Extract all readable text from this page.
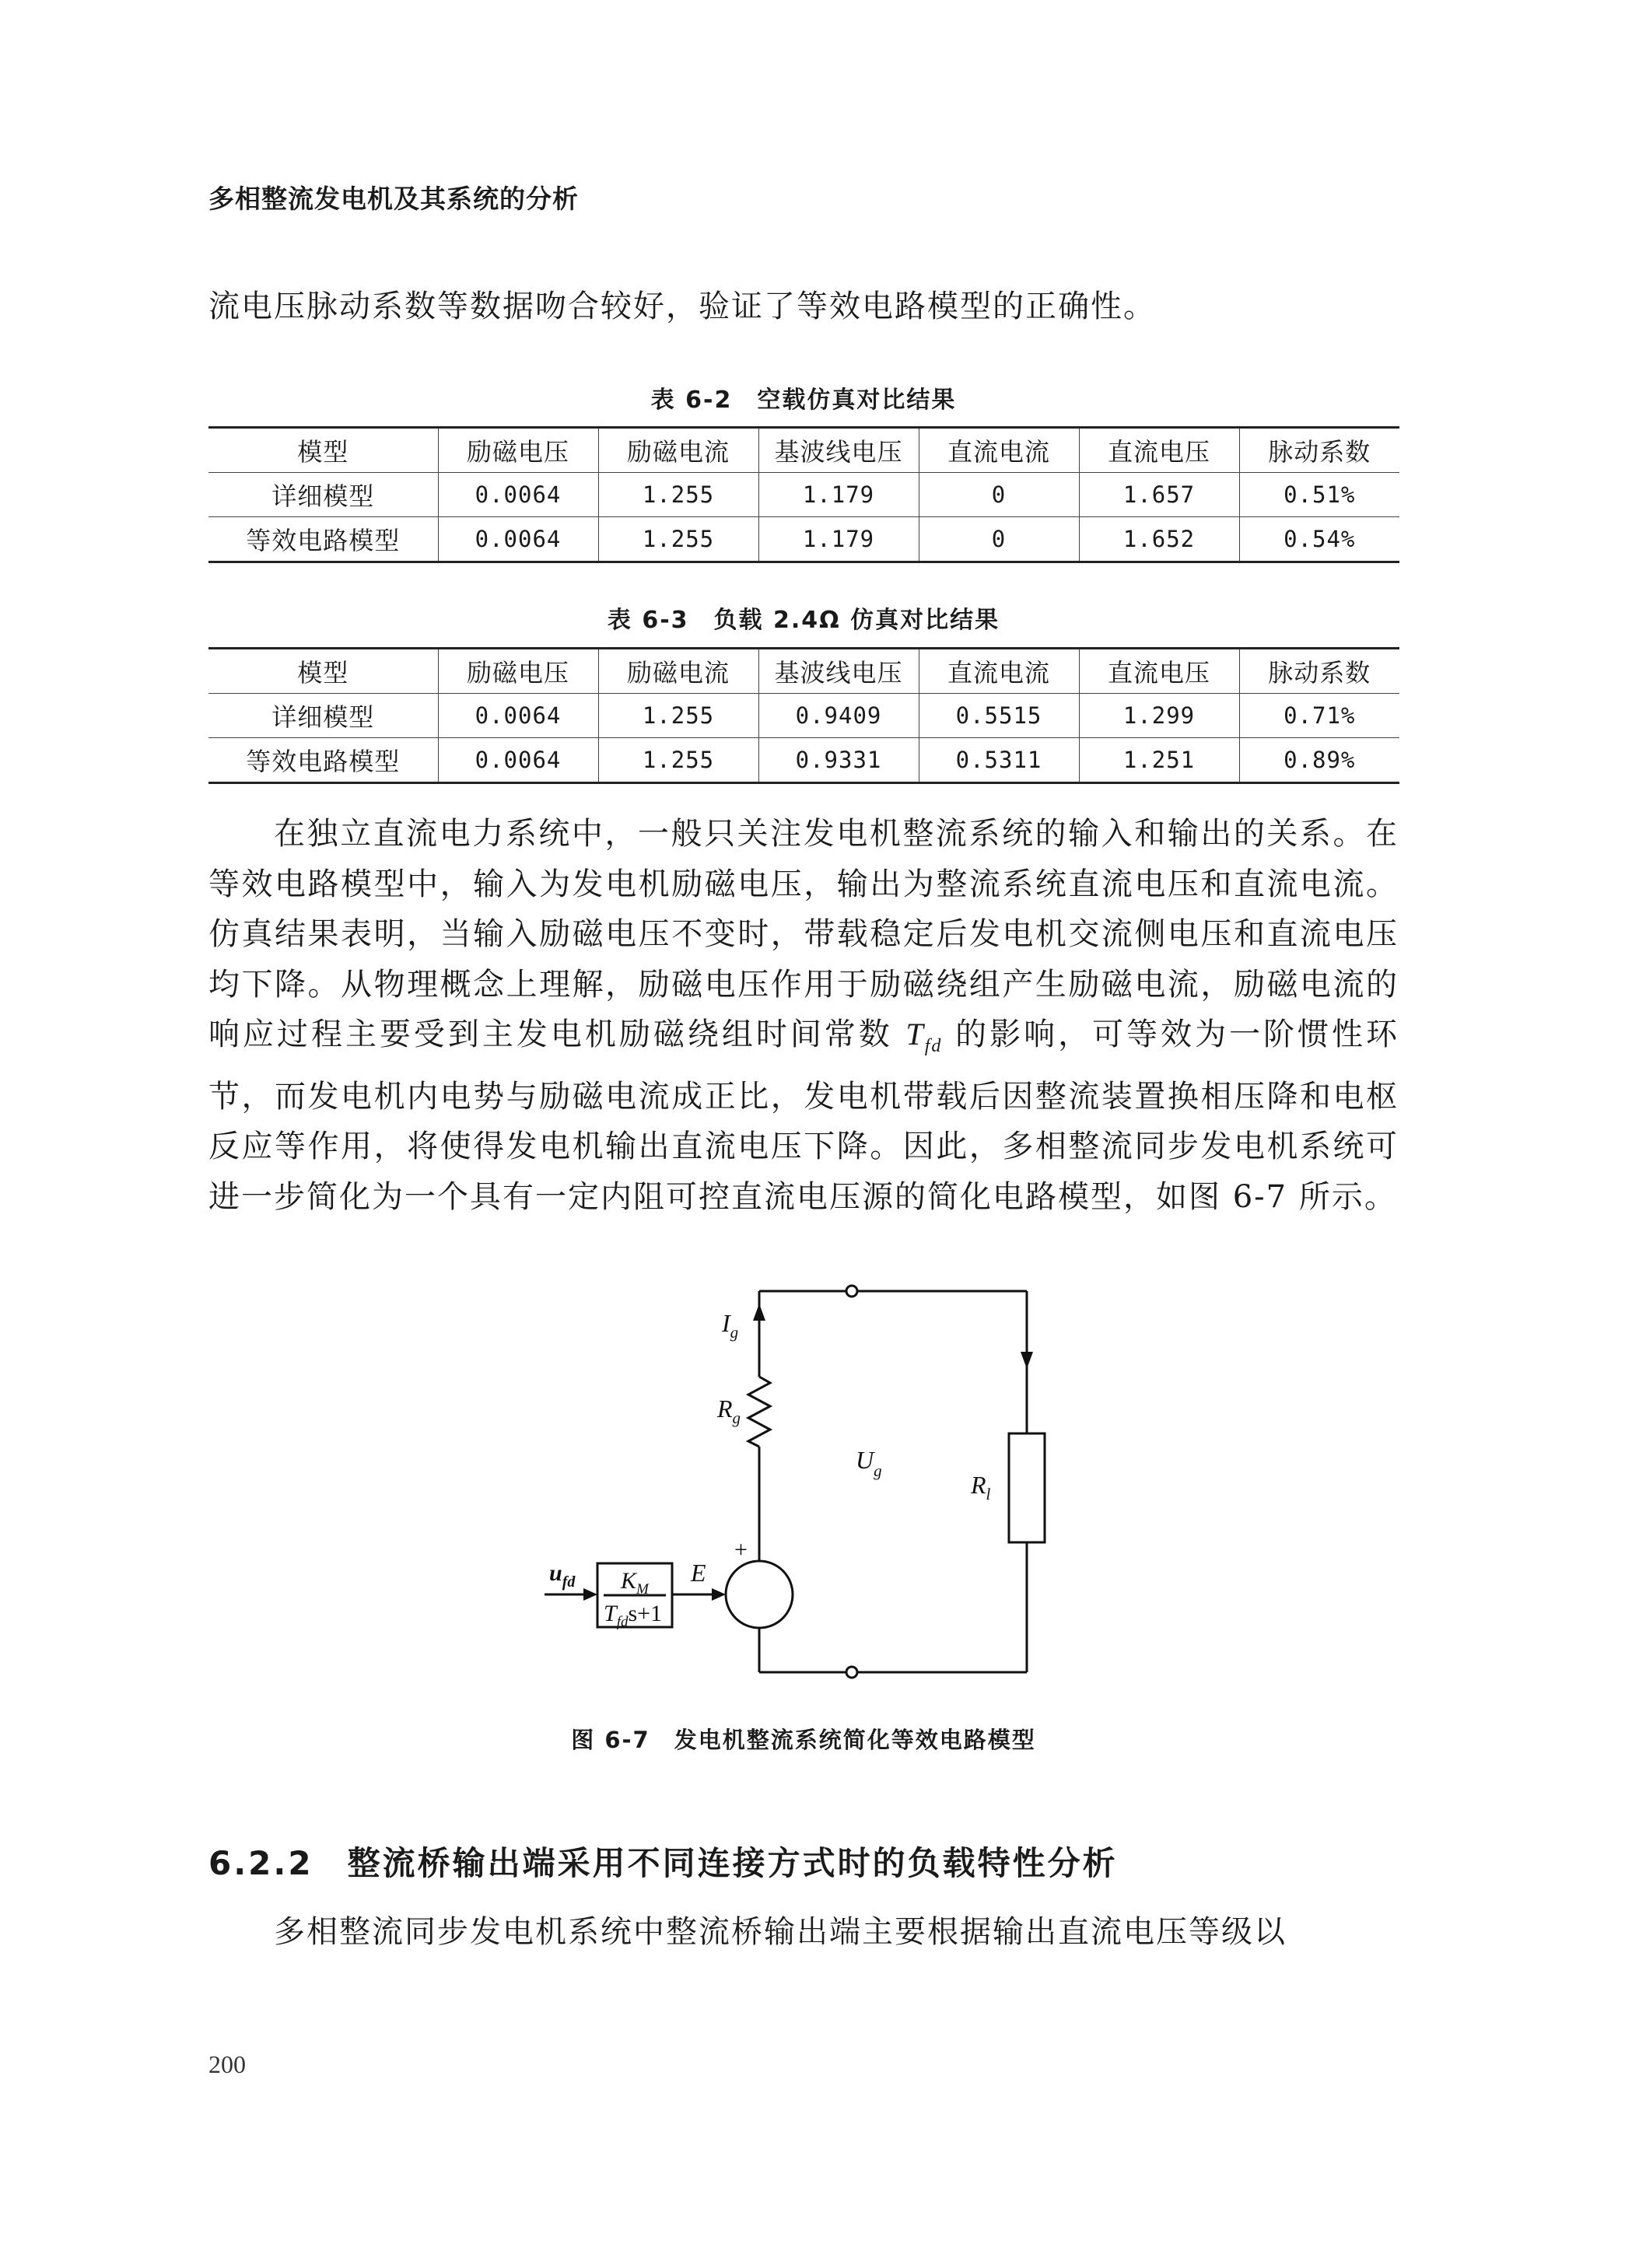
多相整流发电机及其系统的分析

流电压脉动系数等数据吻合较好，验证了等效电路模型的正确性。

表 6-2　空载仿真对比结果
模型	励磁电压	励磁电流	基波线电压	直流电流	直流电压	脉动系数
详细模型	0.0064	1.255	1.179	0	1.657	0.51%
等效电路模型	0.0064	1.255	1.179	0	1.652	0.54%
表 6-3　负载 2.4Ω 仿真对比结果
模型	励磁电压	励磁电流	基波线电压	直流电流	直流电压	脉动系数
详细模型	0.0064	1.255	0.9409	0.5515	1.299	0.71%
等效电路模型	0.0064	1.255	0.9331	0.5311	1.251	0.89%

在独立直流电力系统中，一般只关注发电机整流系统的输入和输出的关系。在等效电路模型中，输入为发电机励磁电压，输出为整流系统直流电压和直流电流。仿真结果表明，当输入励磁电压不变时，带载稳定后发电机交流侧电压和直流电压均下降。从物理概念上理解，励磁电压作用于励磁绕组产生励磁电流，励磁电流的响应过程主要受到主发电机励磁绕组时间常数 $T_{fd}$ 的影响，可等效为一阶惯性环节，而发电机内电势与励磁电流成正比，发电机带载后因整流装置换相压降和电枢反应等作用，将使得发电机输出直流电压下降。因此，多相整流同步发电机系统可进一步简化为一个具有一定内阻可控直流电压源的简化电路模型，如图 6-7 所示。

$I_g$
$R_g$
$U_g$	$R_l$
$u_{fd}$ $K_M$
$T_{fd}s+1$
E
+
图 6-7　发电机整流系统简化等效电路模型
6.2.2 整流桥输出端采用不同连接方式时的负载特性分析

多相整流同步发电机系统中整流桥输出端主要根据输出直流电压等级以

200
